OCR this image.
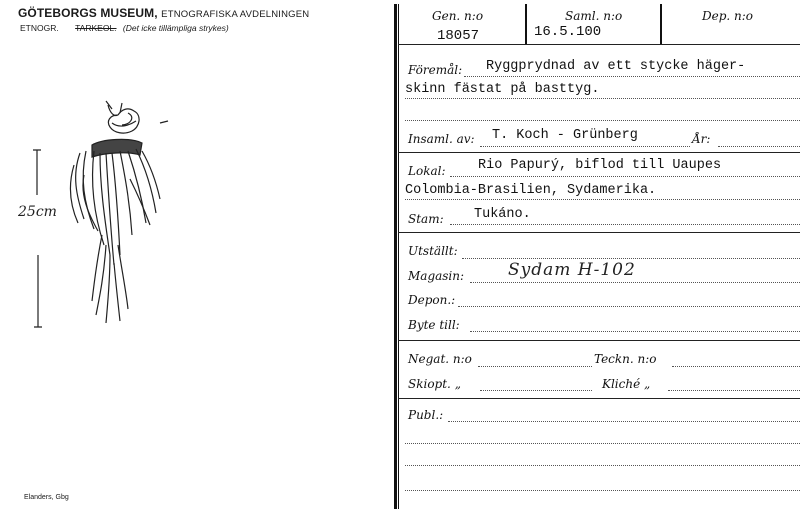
GÖTEBORGS MUSEUM, ETNOGRAFISKA AVDELNINGEN
ETNOGR. TARKEOL. (Det icke tillämpliga strykes)
25cm
Elanders, Gbg
Gen. n:o
18057
Saml. n:o
16.5.100
Dep. n:o
Föremål: Ryggprydnad av ett stycke häger-
skinn fästat på basttyg.
Insaml. av: T. Koch - Grünberg	År:
Lokal: Rio Papurý, biflod till Uaupes
Colombia-Brasilien, Sydamerika.
Stam: Tukáno.
Utställt:
Magasin:	Sydam H-102
Depon.:
Byte till:
Negat. n:o	Teckn. n:o
Skiopt. „	Kliché „
Publ.:
